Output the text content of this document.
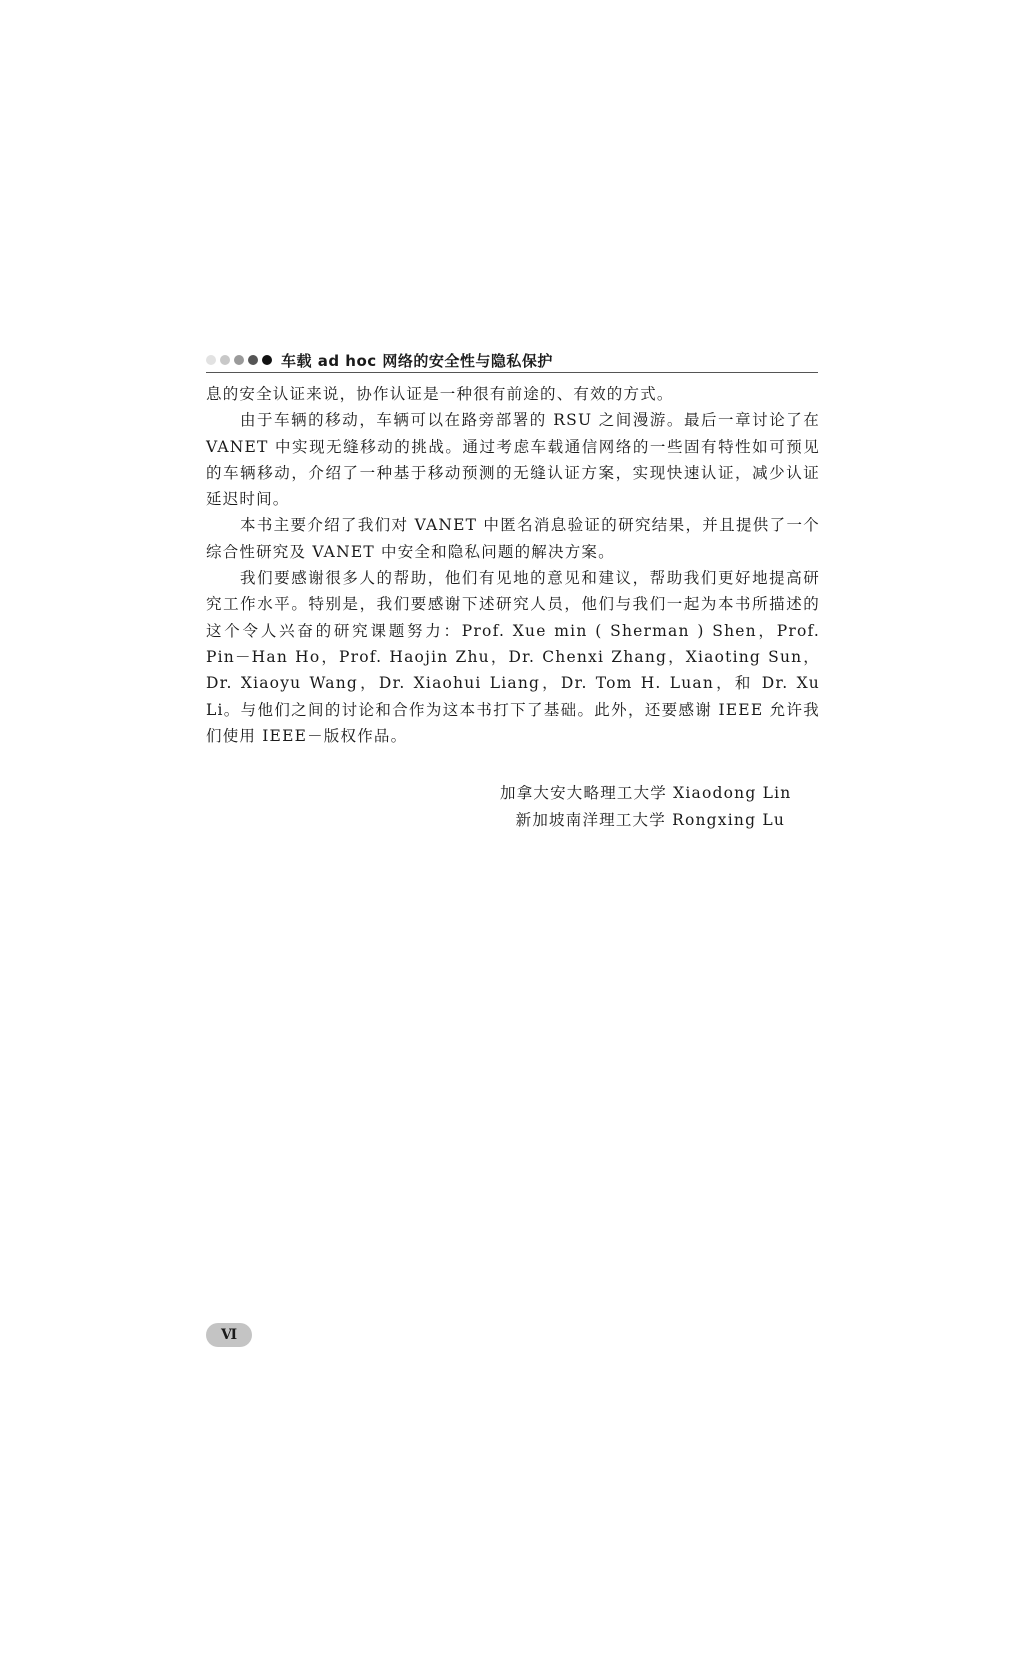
车载 ad hoc 网络的安全性与隐私保护

息的安全认证来说，协作认证是一种很有前途的、有效的方式。

由于车辆的移动，车辆可以在路旁部署的 RSU 之间漫游。最后一章讨论了在 VANET 中实现无缝移动的挑战。通过考虑车载通信网络的一些固有特性如可预见的车辆移动，介绍了一种基于移动预测的无缝认证方案，实现快速认证，减少认证延迟时间。

本书主要介绍了我们对 VANET 中匿名消息验证的研究结果，并且提供了一个综合性研究及 VANET 中安全和隐私问题的解决方案。

我们要感谢很多人的帮助，他们有见地的意见和建议，帮助我们更好地提高研究工作水平。特别是，我们要感谢下述研究人员，他们与我们一起为本书所描述的这个令人兴奋的研究课题努力：Prof. Xue min ( Sherman ) Shen，Prof. Pin－Han Ho，Prof. Haojin Zhu，Dr. Chenxi Zhang，Xiaoting Sun，Dr. Xiaoyu Wang，Dr. Xiaohui Liang，Dr. Tom H. Luan，和 Dr. Xu Li。与他们之间的讨论和合作为这本书打下了基础。此外，还要感谢 IEEE 允许我们使用 IEEE－版权作品。

加拿大安大略理工大学 Xiaodong Lin
新加坡南洋理工大学 Rongxing Lu
Ⅵ
